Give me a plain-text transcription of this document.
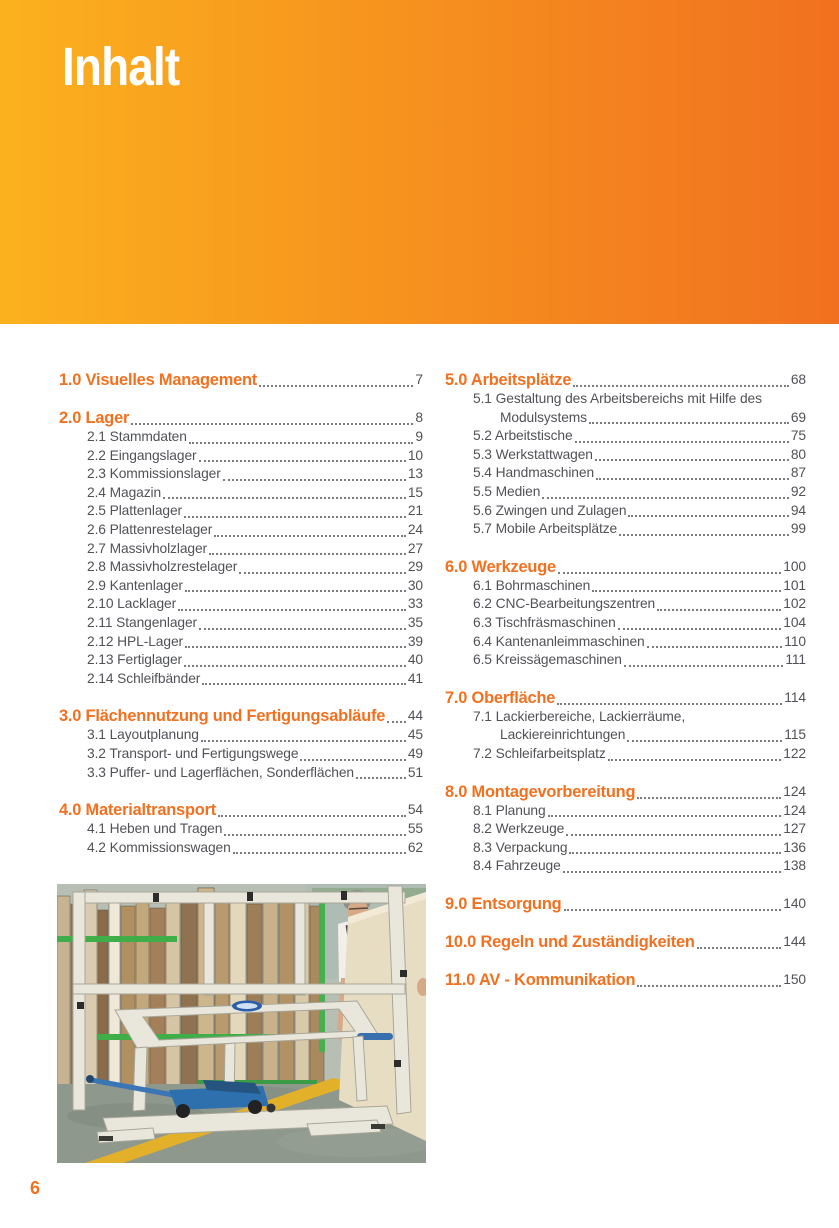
Inhalt
1.0 Visuelles Management	7
2.0 Lager	8
2.1 Stammdaten	9
2.2 Eingangslager	10
2.3 Kommissionslager	13
2.4 Magazin	15
2.5 Plattenlager	21
2.6 Plattenrestelager	24
2.7 Massivholzlager	27
2.8 Massivholzrestelager	29
2.9 Kantenlager	30
2.10 Lacklager	33
2.11 Stangenlager	35
2.12 HPL-Lager	39
2.13 Fertiglager	40
2.14 Schleifbänder	41
3.0 Flächennutzung und Fertigungsabläufe 44
3.1 Layoutplanung	45
3.2 Transport- und Fertigungswege	49
3.3 Puffer- und Lagerflächen, Sonderflächen	51
4.0 Materialtransport	54
4.1 Heben und Tragen	55
4.2 Kommissionswagen	62
5.0 Arbeitsplätze	68
5.1 Gestaltung des Arbeitsbereichs mit Hilfe des
Modulsystems	69
5.2 Arbeitstische	75
5.3 Werkstattwagen	80
5.4 Handmaschinen	87
5.5 Medien	92
5.6 Zwingen und Zulagen	94
5.7 Mobile Arbeitsplätze	99
6.0 Werkzeuge	100
6.1 Bohrmaschinen	101
6.2 CNC-Bearbeitungszentren	102
6.3 Tischfräsmaschinen	104
6.4 Kantenanleimmaschinen	110
6.5 Kreissägemaschinen	111
7.0 Oberfläche	114
7.1 Lackierbereiche, Lackierräume,
Lackiereinrichtungen	115
7.2 Schleifarbeitsplatz	122
8.0 Montagevorbereitung	124
8.1 Planung	124
8.2 Werkzeuge	127
8.3 Verpackung	136
8.4 Fahrzeuge	138
9.0 Entsorgung	140
10.0 Regeln und Zuständigkeiten	144
11.0 AV - Kommunikation	150
6
